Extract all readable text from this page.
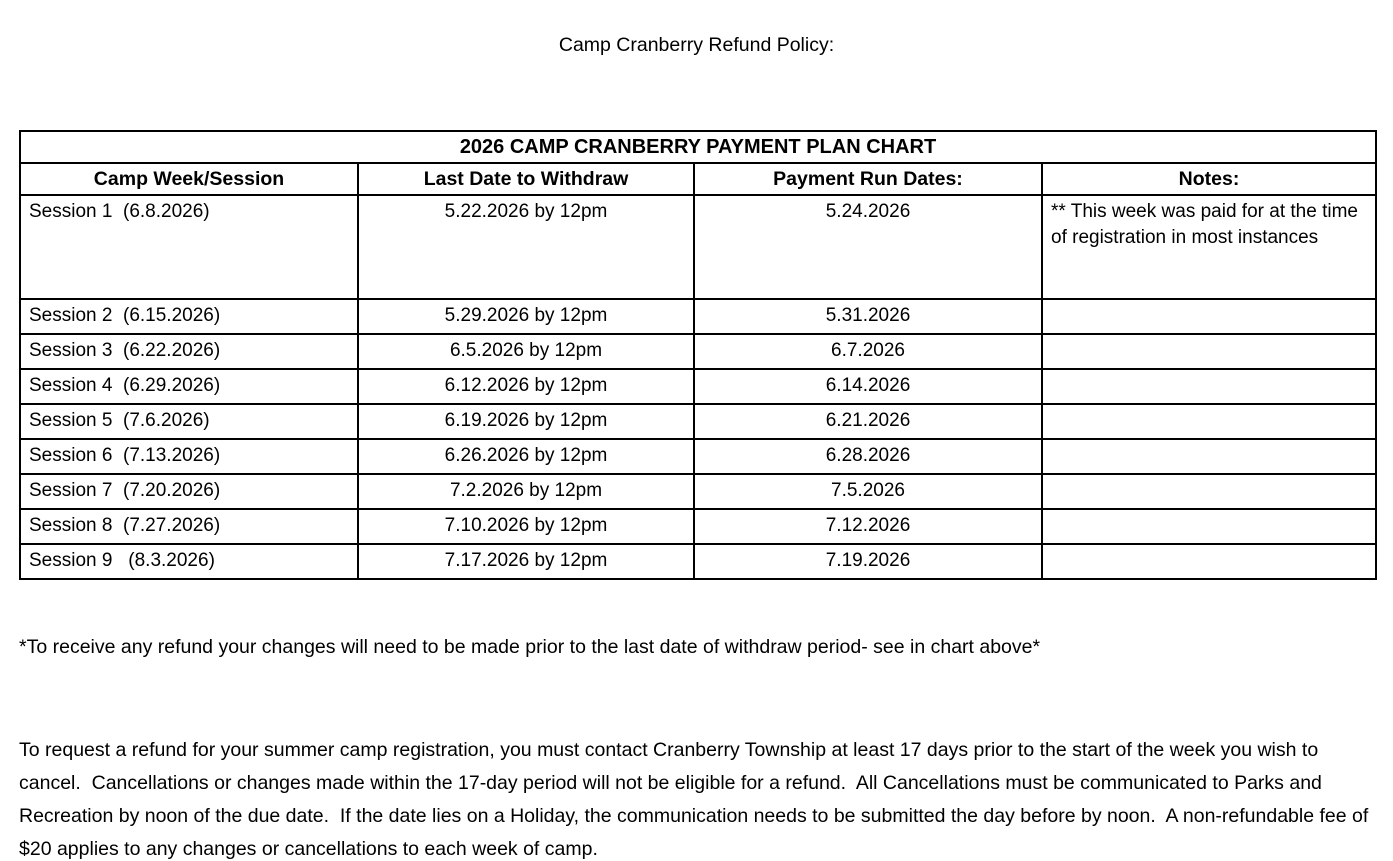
Camp Cranberry Refund Policy:
2026 CAMP CRANBERRY PAYMENT PLAN CHART			
Camp Week/Session	Last Date to Withdraw	Payment Run Dates:	Notes:
Session 1  (6.8.2026)	5.22.2026 by 12pm	5.24.2026	** This week was paid for at the time of registration in most instances
Session 2  (6.15.2026)	5.29.2026 by 12pm	5.31.2026	
Session 3  (6.22.2026)	6.5.2026 by 12pm	6.7.2026	
Session 4  (6.29.2026)	6.12.2026 by 12pm	6.14.2026	
Session 5  (7.6.2026)	6.19.2026 by 12pm	6.21.2026	
Session 6  (7.13.2026)	6.26.2026 by 12pm	6.28.2026	
Session 7  (7.20.2026)	7.2.2026 by 12pm	7.5.2026	
Session 8  (7.27.2026)	7.10.2026 by 12pm	7.12.2026	
Session 9   (8.3.2026)	7.17.2026 by 12pm	7.19.2026	
*To receive any refund your changes will need to be made prior to the last date of withdraw period- see in chart above*
To request a refund for your summer camp registration, you must contact Cranberry Township at least 17 days prior to the start of the week you wish to cancel.  Cancellations or changes made within the 17-day period will not be eligible for a refund.  All Cancellations must be communicated to Parks and Recreation by noon of the due date.  If the date lies on a Holiday, the communication needs to be submitted the day before by noon.  A non-refundable fee of $20 applies to any changes or cancellations to each week of camp.
